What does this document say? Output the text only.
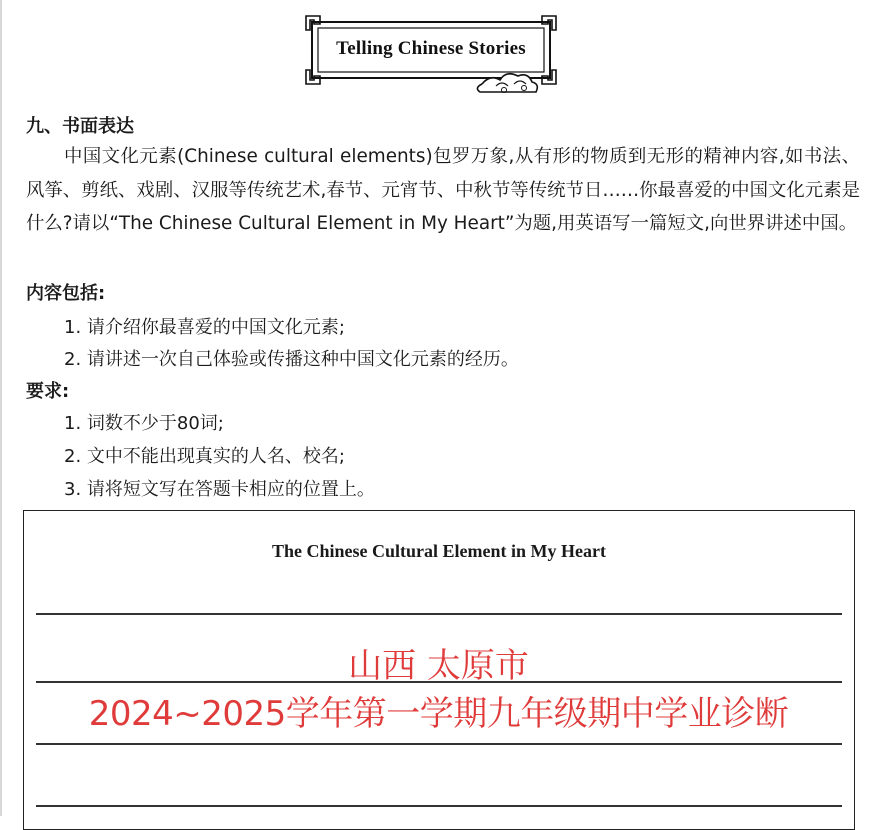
Telling Chinese Stories
九、书面表达
中国文化元素(Chinese cultural elements)包罗万象,从有形的物质到无形的精神内容,如书法、风筝、剪纸、戏剧、汉服等传统艺术,春节、元宵节、中秋节等传统节日……你最喜爱的中国文化元素是什么?请以“The Chinese Cultural Element in My Heart”为题,用英语写一篇短文,向世界讲述中国。
内容包括:
1. 请介绍你最喜爱的中国文化元素;
2. 请讲述一次自己体验或传播这种中国文化元素的经历。
要求:
1. 词数不少于80词;
2. 文中不能出现真实的人名、校名;
3. 请将短文写在答题卡相应的位置上。
The Chinese Cultural Element in My Heart
山西 太原市
2024~2025学年第一学期九年级期中学业诊断
